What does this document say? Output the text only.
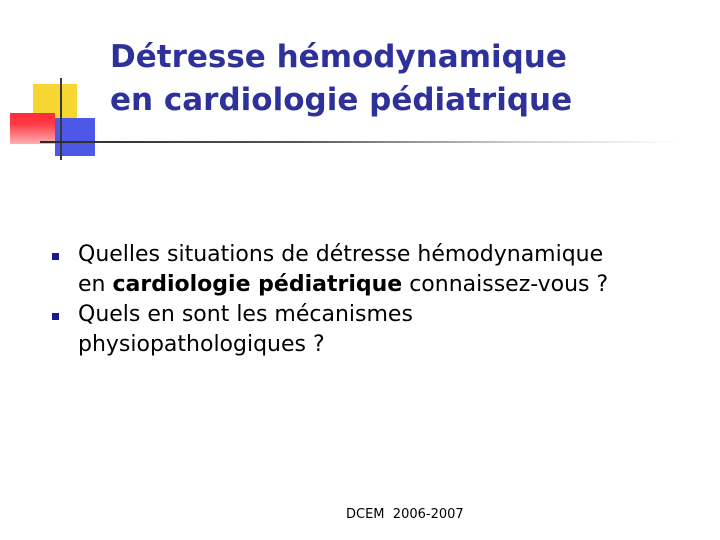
Détresse hémodynamique
en cardiologie pédiatrique
Quelles situations de détresse hémodynamique
en cardiologie pédiatrique connaissez-vous ?
Quels en sont les mécanismes
physiopathologiques ?
DCEM 2006-2007
